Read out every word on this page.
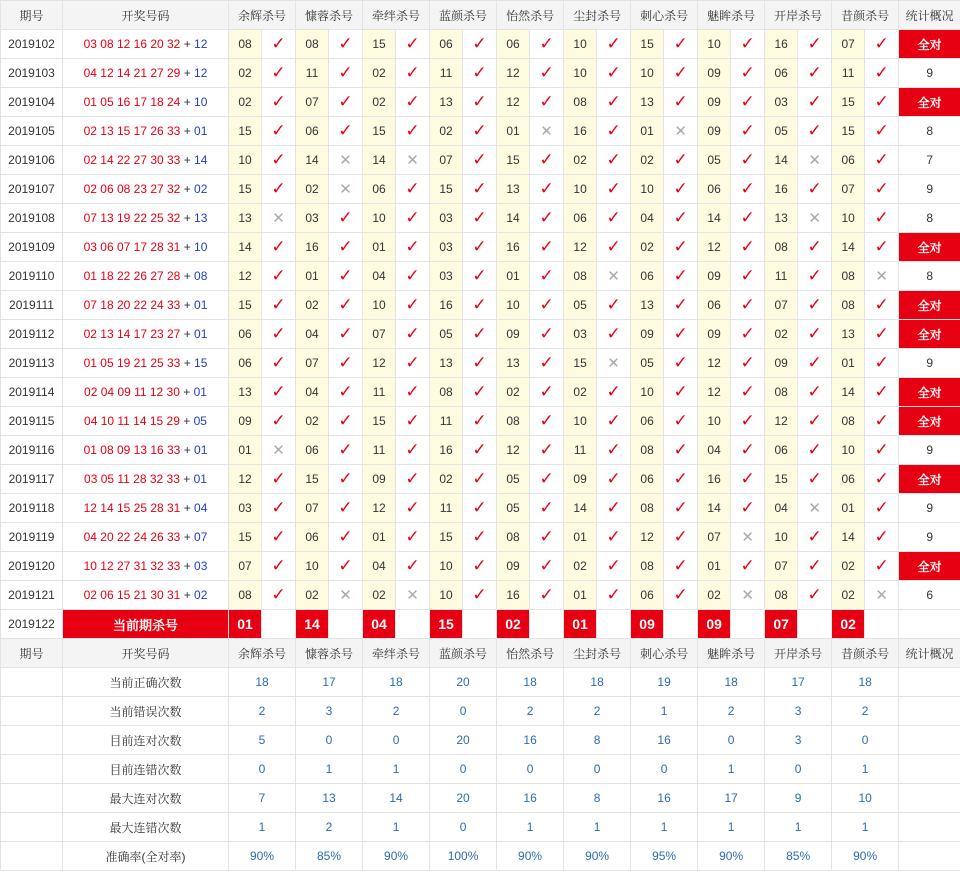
期号	开奖号码	余辉杀号		慷蓉杀号		牵绊杀号		蓝颜杀号		怡然杀号		尘封杀号		刺心杀号		魅眸杀号		开岸杀号		昔颜杀号		统计概况
2019102	03 08 12 16 20 32 + 12	08	✓	08	✓	15	✓	06	✓	06	✓	10	✓	15	✓	10	✓	16	✓	07	✓	全对
2019103	04 12 14 21 27 29 + 12	02	✓	11	✓	02	✓	11	✓	12	✓	10	✓	10	✓	09	✓	06	✓	11	✓	9
2019104	01 05 16 17 18 24 + 10	02	✓	07	✓	02	✓	13	✓	12	✓	08	✓	13	✓	09	✓	03	✓	15	✓	全对
2019105	02 13 15 17 26 33 + 01	15	✓	06	✓	15	✓	02	✓	01	✕	16	✓	01	✕	09	✓	05	✓	15	✓	8
2019106	02 14 22 27 30 33 + 14	10	✓	14	✕	14	✕	07	✓	15	✓	02	✓	02	✓	05	✓	14	✕	06	✓	7
2019107	02 06 08 23 27 32 + 02	15	✓	02	✕	06	✓	15	✓	13	✓	10	✓	10	✓	06	✓	16	✓	07	✓	9
2019108	07 13 19 22 25 32 + 13	13	✕	03	✓	10	✓	03	✓	14	✓	06	✓	04	✓	14	✓	13	✕	10	✓	8
2019109	03 06 07 17 28 31 + 10	14	✓	16	✓	01	✓	03	✓	16	✓	12	✓	02	✓	12	✓	08	✓	14	✓	全对
2019110	01 18 22 26 27 28 + 08	12	✓	01	✓	04	✓	03	✓	01	✓	08	✕	06	✓	09	✓	11	✓	08	✕	8
2019111	07 18 20 22 24 33 + 01	15	✓	02	✓	10	✓	16	✓	10	✓	05	✓	13	✓	06	✓	07	✓	08	✓	全对
2019112	02 13 14 17 23 27 + 01	06	✓	04	✓	07	✓	05	✓	09	✓	03	✓	09	✓	09	✓	02	✓	13	✓	全对
2019113	01 05 19 21 25 33 + 15	06	✓	07	✓	12	✓	13	✓	13	✓	15	✕	05	✓	12	✓	09	✓	01	✓	9
2019114	02 04 09 11 12 30 + 01	13	✓	04	✓	11	✓	08	✓	02	✓	02	✓	10	✓	12	✓	08	✓	14	✓	全对
2019115	04 10 11 14 15 29 + 05	09	✓	02	✓	15	✓	11	✓	08	✓	10	✓	06	✓	10	✓	12	✓	08	✓	全对
2019116	01 08 09 13 16 33 + 01	01	✕	06	✓	11	✓	16	✓	12	✓	11	✓	08	✓	04	✓	06	✓	10	✓	9
2019117	03 05 11 28 32 33 + 01	12	✓	15	✓	09	✓	02	✓	05	✓	09	✓	06	✓	16	✓	15	✓	06	✓	全对
2019118	12 14 15 25 28 31 + 04	03	✓	07	✓	12	✓	11	✓	05	✓	14	✓	08	✓	14	✓	04	✕	01	✓	9
2019119	04 20 22 24 26 33 + 07	15	✓	06	✓	01	✓	15	✓	08	✓	01	✓	12	✓	07	✕	10	✓	14	✓	9
2019120	10 12 27 31 32 33 + 03	07	✓	10	✓	04	✓	10	✓	09	✓	02	✓	08	✓	01	✓	07	✓	02	✓	全对
2019121	02 06 15 21 30 31 + 02	08	✓	02	✕	02	✕	10	✓	16	✓	01	✓	06	✓	02	✕	08	✓	02	✕	6
2019122	当前期杀号	01		14		04		15		02		01		09		09		07		02		
期号	开奖号码	余辉杀号		慷蓉杀号		牵绊杀号		蓝颜杀号		怡然杀号		尘封杀号		刺心杀号		魅眸杀号		开岸杀号		昔颜杀号		统计概况
	当前正确次数	18		17		18		20		18		18		19		18		17		18		
	当前错误次数	2		3		2		0		2		2		1		2		3		2		
	目前连对次数	5		0		0		20		16		8		16		0		3		0		
	目前连错次数	0		1		1		0		0		0		0		1		0		1		
	最大连对次数	7		13		14		20		16		8		16		17		9		10		
	最大连错次数	1		2		1		0		1		1		1		1		1		1		
	准确率(全对率)	90%		85%		90%		100%		90%		90%		95%		90%		85%		90%		
